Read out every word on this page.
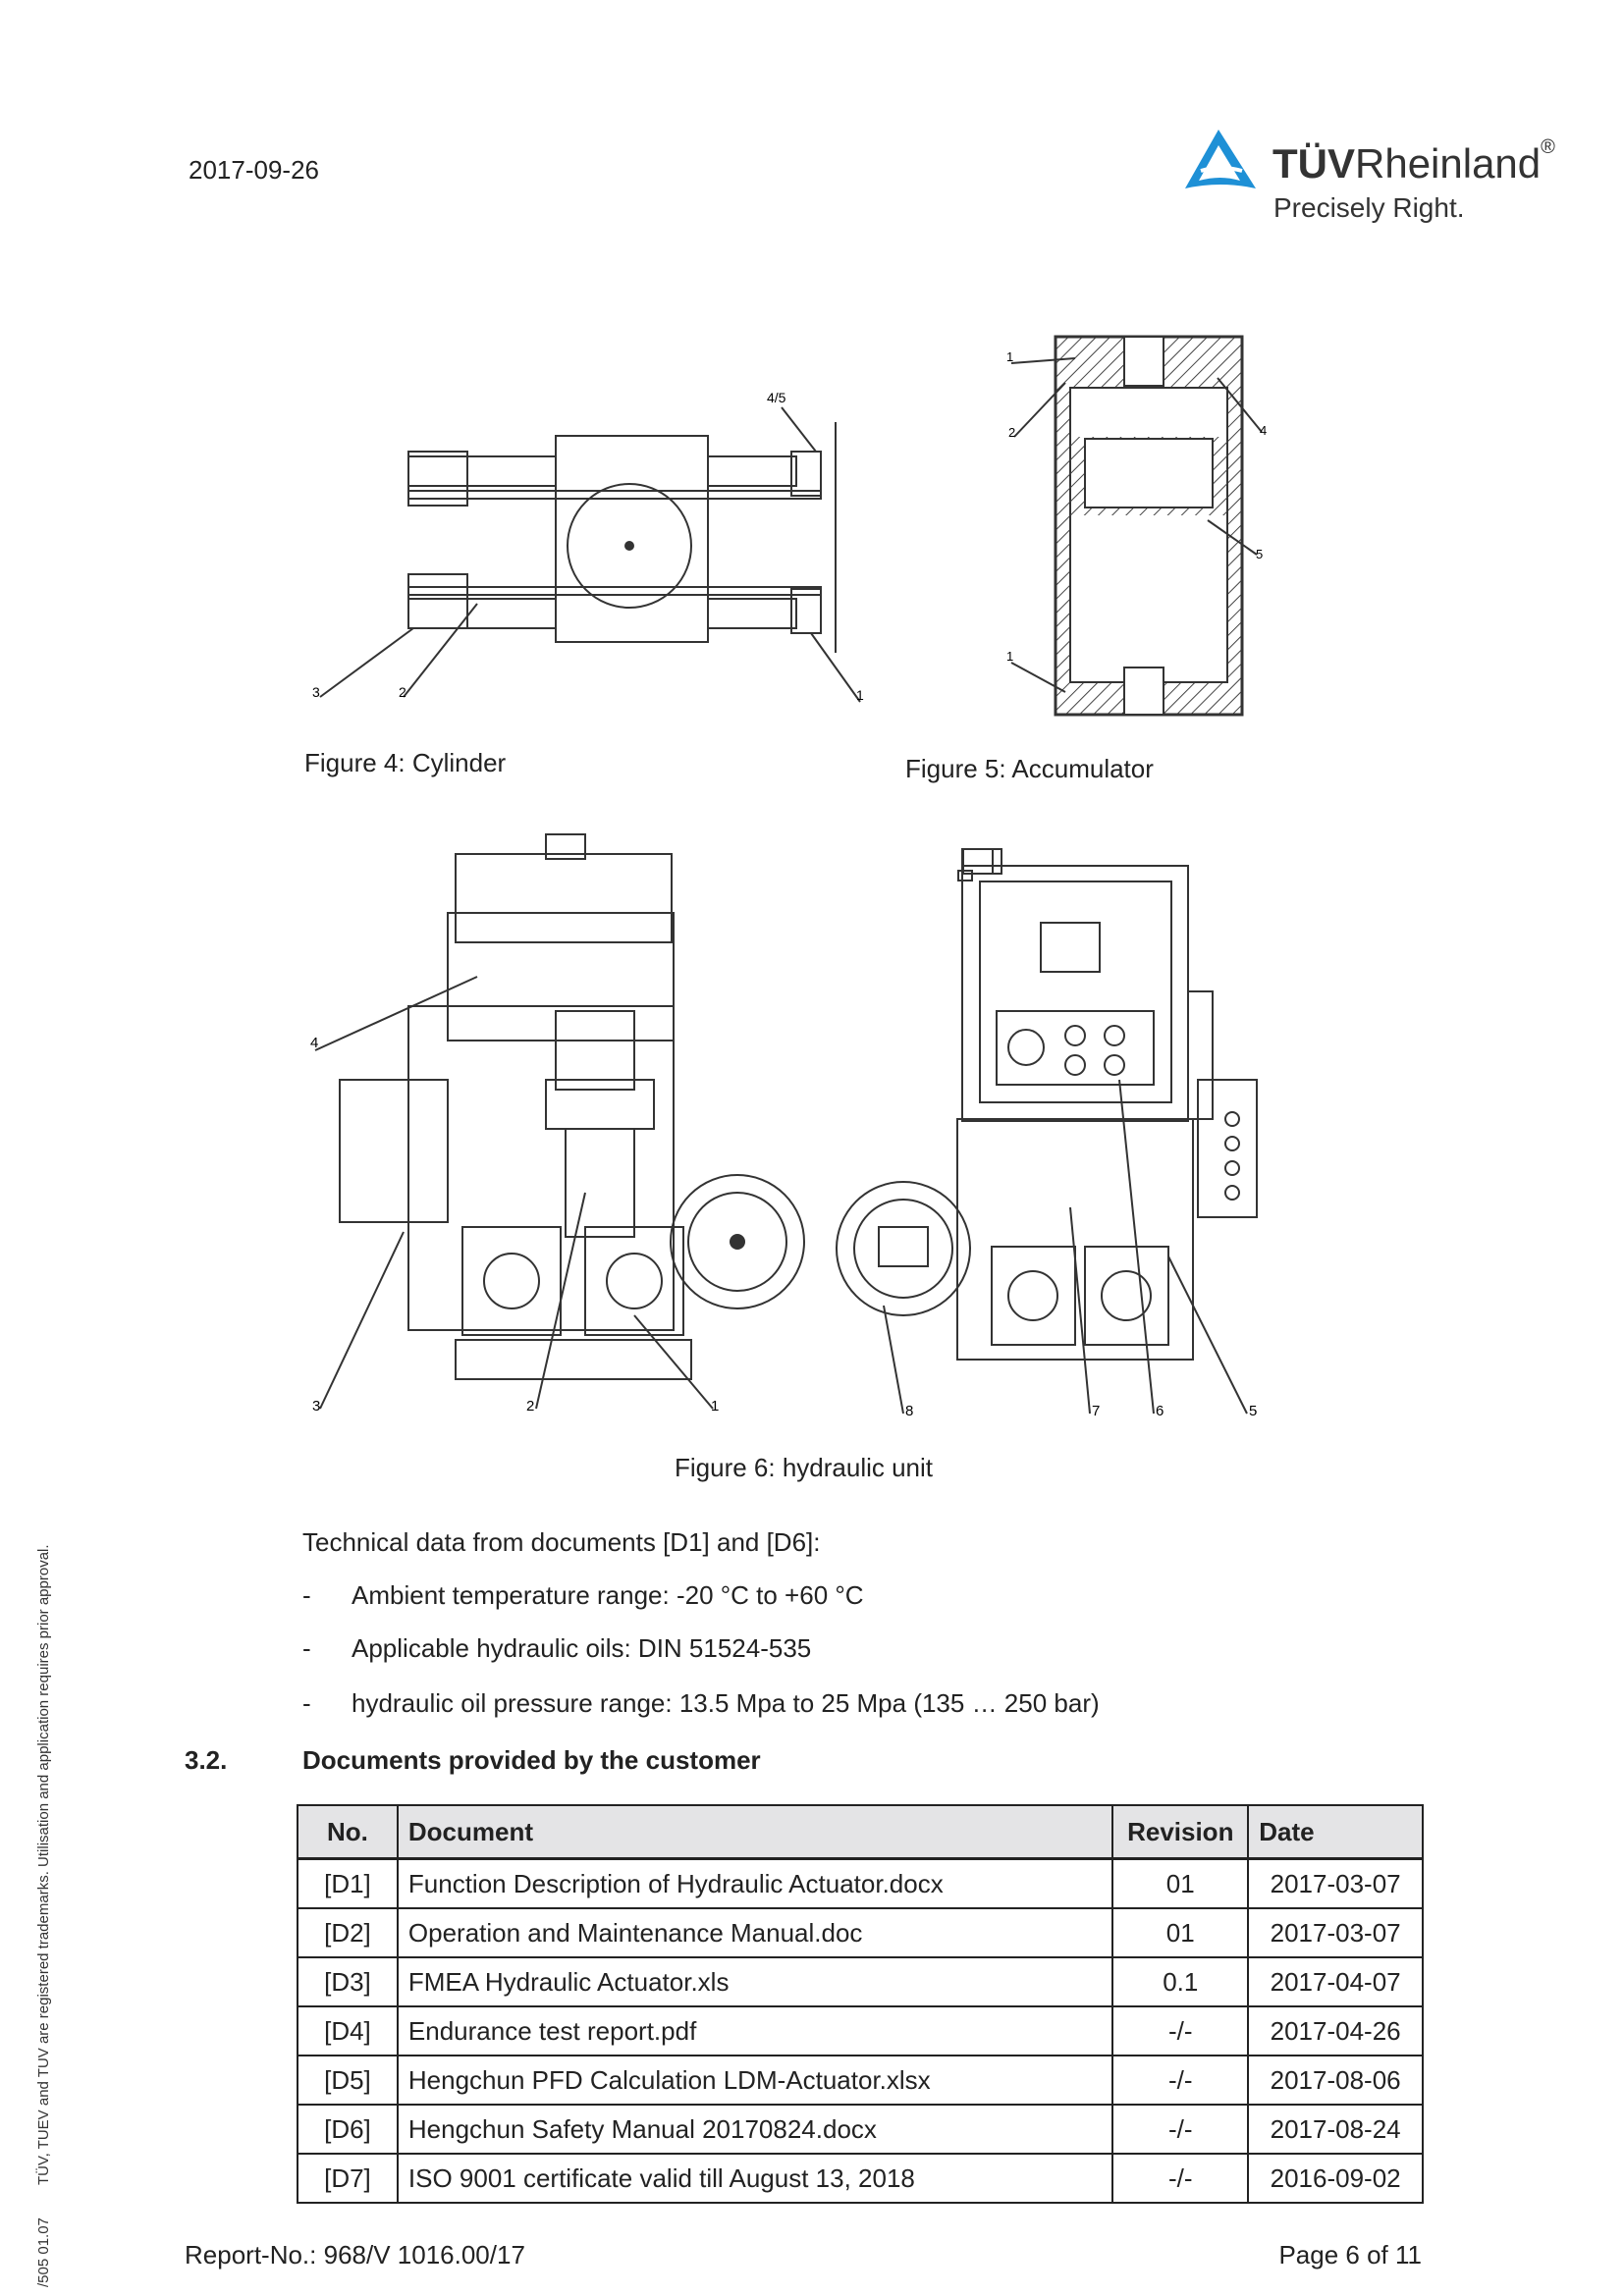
2017-09-26	TÜVRheinland®
Precisely Right.
4/5
3	2	1
Figure 4: Cylinder
1
2	4
5
1
Figure 5: Accumulator
4
3	2	1	8	7	6	5
Figure 6: hydraulic unit
Technical data from documents [D1] and [D6]:
- Ambient temperature range: -20 °C to +60 °C
- Applicable hydraulic oils: DIN 51524-535
- hydraulic oil pressure range: 13.5 Mpa to 25 Mpa (135 … 250 bar)
3.2.	Documents provided by the customer
No.	Document	Revision	Date
[D1]	Function Description of Hydraulic Actuator.docx	01	2017-03-07
[D2]	Operation and Maintenance Manual.doc	01	2017-03-07
[D3]	FMEA Hydraulic Actuator.xls	0.1	2017-04-07
[D4]	Endurance test report.pdf	-/-	2017-04-26
[D5]	Hengchun PFD Calculation LDM-Actuator.xlsx	-/-	2017-08-06
[D6]	Hengchun Safety Manual 20170824.docx	-/-	2017-08-24
[D7]	ISO 9001 certificate valid till August 13, 2018	-/-	2016-09-02
TÜV, TUEV and TUV are registered trademarks. Utilisation and application requires prior approval.
/505 01.07	Report-No.: 968/V 1016.00/17	Page 6 of 11
